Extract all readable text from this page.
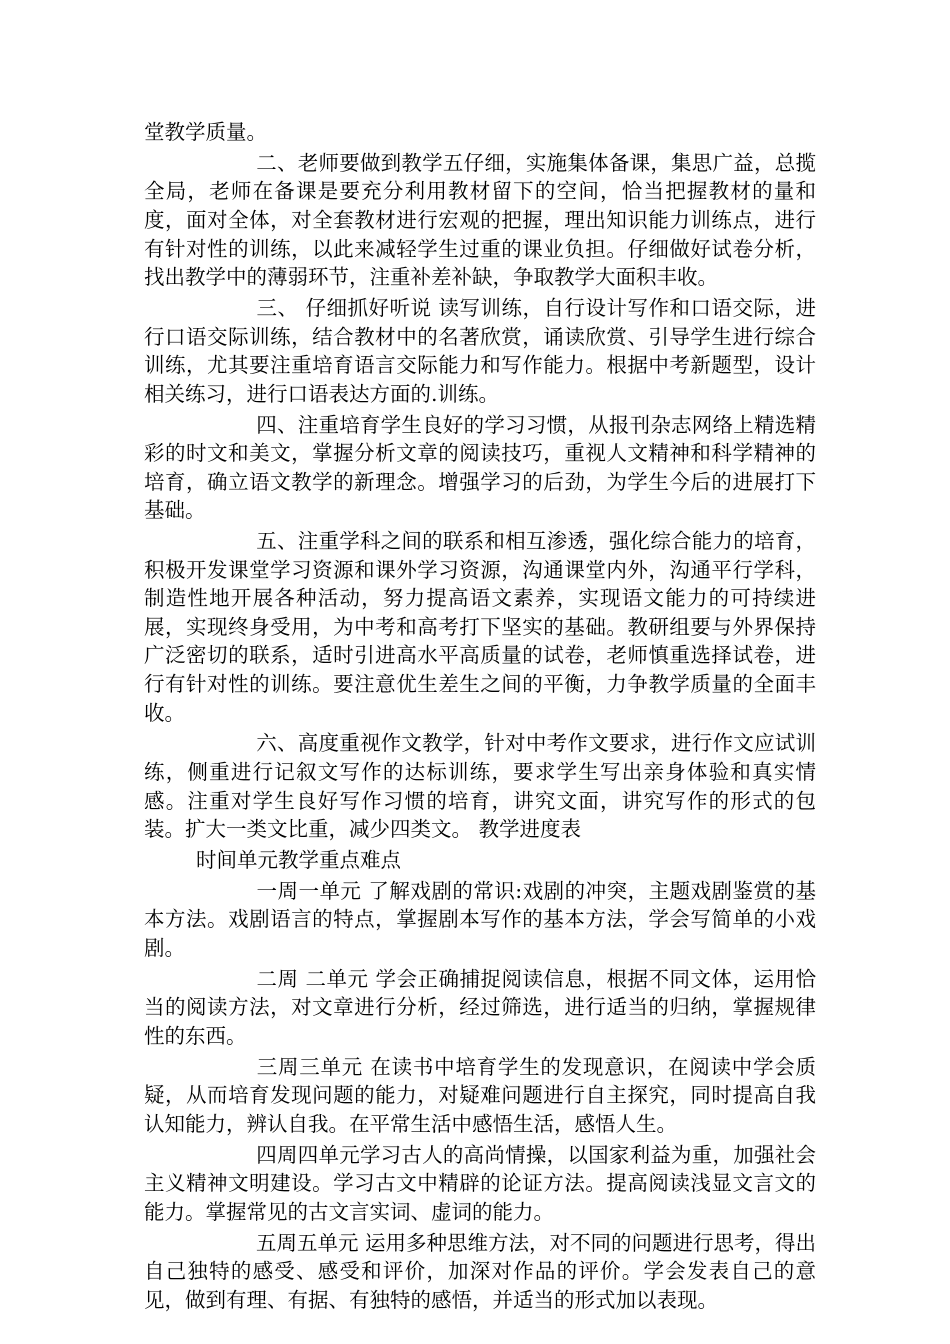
堂教学质量。

二、老师要做到教学五仔细，实施集体备课，集思广益，总揽全局，老师在备课是要充分利用教材留下的空间，恰当把握教材的量和度，面对全体，对全套教材进行宏观的把握，理出知识能力训练点，进行有针对性的训练，以此来减轻学生过重的课业负担。仔细做好试卷分析，找出教学中的薄弱环节，注重补差补缺，争取教学大面积丰收。

三、 仔细抓好听说 读写训练，自行设计写作和口语交际，进行口语交际训练，结合教材中的名著欣赏，诵读欣赏、引导学生进行综合训练，尤其要注重培育语言交际能力和写作能力。根据中考新题型，设计相关练习，进行口语表达方面的.训练。

四、注重培育学生良好的学习习惯，从报刊杂志网络上精选精彩的时文和美文，掌握分析文章的阅读技巧，重视人文精神和科学精神的培育，确立语文教学的新理念。增强学习的后劲，为学生今后的进展打下基础。

五、注重学科之间的联系和相互渗透，强化综合能力的培育，积极开发课堂学习资源和课外学习资源，沟通课堂内外，沟通平行学科，制造性地开展各种活动，努力提高语文素养，实现语文能力的可持续进展，实现终身受用，为中考和高考打下坚实的基础。教研组要与外界保持广泛密切的联系，适时引进高水平高质量的试卷，老师慎重选择试卷，进行有针对性的训练。要注意优生差生之间的平衡，力争教学质量的全面丰收。

六、高度重视作文教学，针对中考作文要求，进行作文应试训练，侧重进行记叙文写作的达标训练，要求学生写出亲身体验和真实情感。注重对学生良好写作习惯的培育，讲究文面，讲究写作的形式的包装。扩大一类文比重，减少四类文。 教学进度表

时间单元教学重点难点

一周一单元 了解戏剧的常识:戏剧的冲突，主题戏剧鉴赏的基本方法。戏剧语言的特点，掌握剧本写作的基本方法，学会写简单的小戏剧。

二周 二单元 学会正确捕捉阅读信息，根据不同文体，运用恰当的阅读方法，对文章进行分析，经过筛选，进行适当的归纳，掌握规律性的东西。

三周三单元 在读书中培育学生的发现意识，在阅读中学会质疑，从而培育发现问题的能力，对疑难问题进行自主探究，同时提高自我认知能力，辨认自我。在平常生活中感悟生活，感悟人生。

四周四单元学习古人的高尚情操，以国家利益为重，加强社会主义精神文明建设。学习古文中精辟的论证方法。提高阅读浅显文言文的能力。掌握常见的古文言实词、虚词的能力。

五周五单元 运用多种思维方法，对不同的问题进行思考，得出自己独特的感受、感受和评价，加深对作品的评价。学会发表自己的意见，做到有理、有据、有独特的感悟，并适当的形式加以表现。
